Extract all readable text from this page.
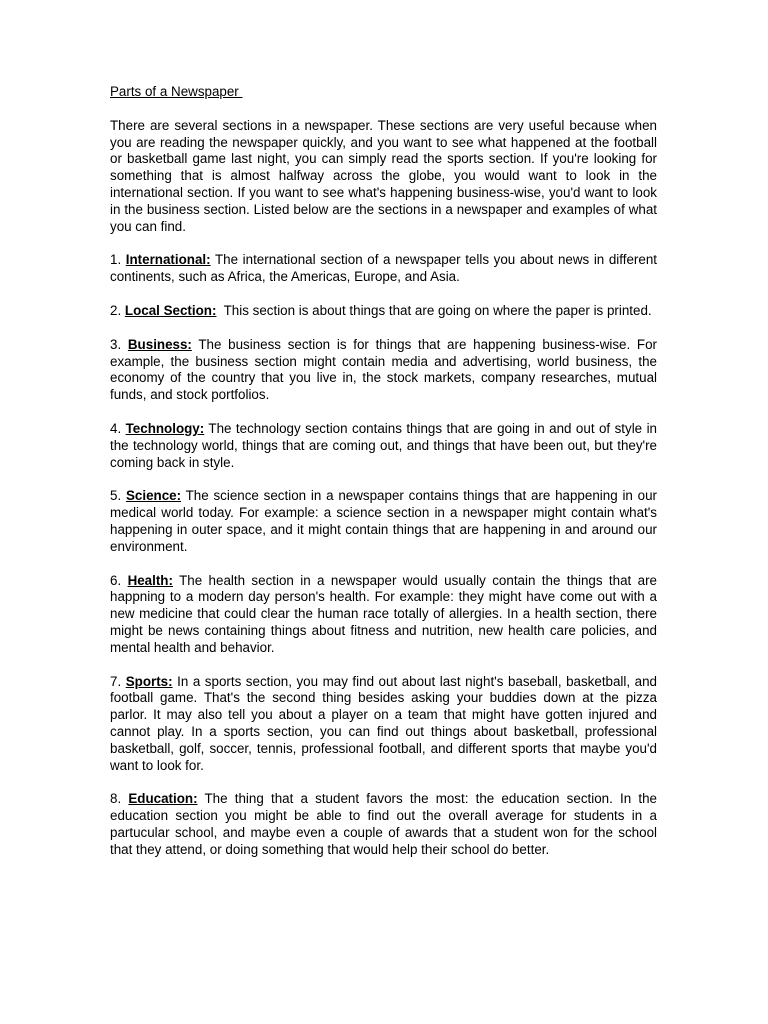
Parts of a Newspaper

There are several sections in a newspaper. These sections are very useful because when you are reading the newspaper quickly, and you want to see what happened at the football or basketball game last night, you can simply read the sports section. If you're looking for something that is almost halfway across the globe, you would want to look in the international section. If you want to see what's happening business-wise, you'd want to look in the business section. Listed below are the sections in a newspaper and examples of what you can find.

1. International: The international section of a newspaper tells you about news in different continents, such as Africa, the Americas, Europe, and Asia.

2. Local Section:  This section is about things that are going on where the paper is printed.

3. Business: The business section is for things that are happening business-wise. For example, the business section might contain media and advertising, world business, the economy of the country that you live in, the stock markets, company researches, mutual funds, and stock portfolios.

4. Technology: The technology section contains things that are going in and out of style in the technology world, things that are coming out, and things that have been out, but they're coming back in style.

5. Science: The science section in a newspaper contains things that are happening in our medical world today. For example: a science section in a newspaper might contain what's happening in outer space, and it might contain things that are happening in and around our environment.

6. Health: The health section in a newspaper would usually contain the things that are happning to a modern day person's health. For example: they might have come out with a new medicine that could clear the human race totally of allergies. In a health section, there might be news containing things about fitness and nutrition, new health care policies, and mental health and behavior.

7. Sports: In a sports section, you may find out about last night's baseball, basketball, and football game. That's the second thing besides asking your buddies down at the pizza parlor. It may also tell you about a player on a team that might have gotten injured and cannot play. In a sports section, you can find out things about basketball, professional basketball, golf, soccer, tennis, professional football, and different sports that maybe you'd want to look for.

8. Education: The thing that a student favors the most: the education section. In the education section you might be able to find out the overall average for students in a partucular school, and maybe even a couple of awards that a student won for the school that they attend, or doing something that would help their school do better.
